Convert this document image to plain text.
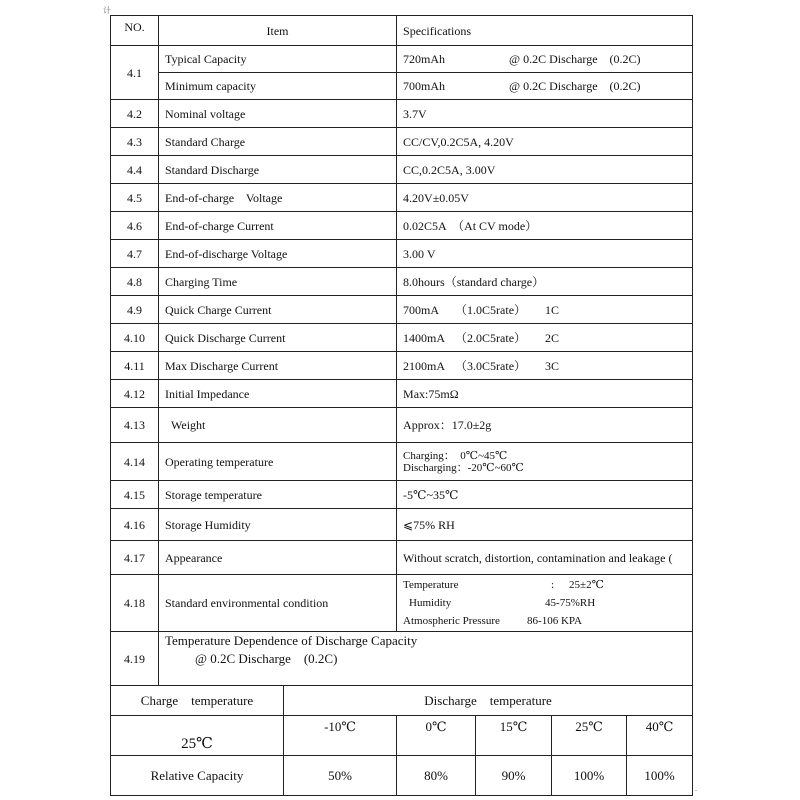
计
NO.	Item		Specifications			
4.1	Typical Capacity		720mAh @ 0.2C Discharge    (0.2C)			
	Minimum capacity		700mAh @ 0.2C Discharge    (0.2C)			
4.2	Nominal voltage		3.7V			
4.3	Standard Charge		CC/CV,0.2C5A, 4.20V			
4.4	Standard Discharge		CC,0.2C5A, 3.00V			
4.5	End-of-charge    Voltage		4.20V±0.05V			
4.6	End-of-charge Current		0.02C5A  （At CV mode）			
4.7	End-of-discharge Voltage		3.00 V			
4.8	Charging Time		8.0hours（standard charge）			
4.9	Quick Charge Current		700mA （1.0C5rate） 1C			
4.10	Quick Discharge Current		1400mA （2.0C5rate） 2C			
4.11	Max Discharge Current		2100mA （3.0C5rate） 3C			
4.12	Initial Impedance		Max:75mΩ			
4.13	Weight		Approx：17.0±2g			
4.14	Operating temperature		Charging：  0℃~45℃
Discharging：-20℃~60℃			

4.15	Storage temperature		-5℃~35℃			
4.16	Storage Humidity		⩽75% RH			
4.17	Appearance		Without scratch, distortion, contamination and leakage (			
4.18	Standard environmental condition		Temperature : 25±2℃
Humidity 45-75%RH
Atmospheric Pressure 86-106 KPA			

4.19	Temperature Dependence of Discharge Capacity
@ 0.2C Discharge    (0.2C)					

Charge    temperature		Discharge    temperature				
25℃		-10℃	0℃	15℃	25℃	40℃
Relative Capacity		50%	80%	90%	100%	100%
.
